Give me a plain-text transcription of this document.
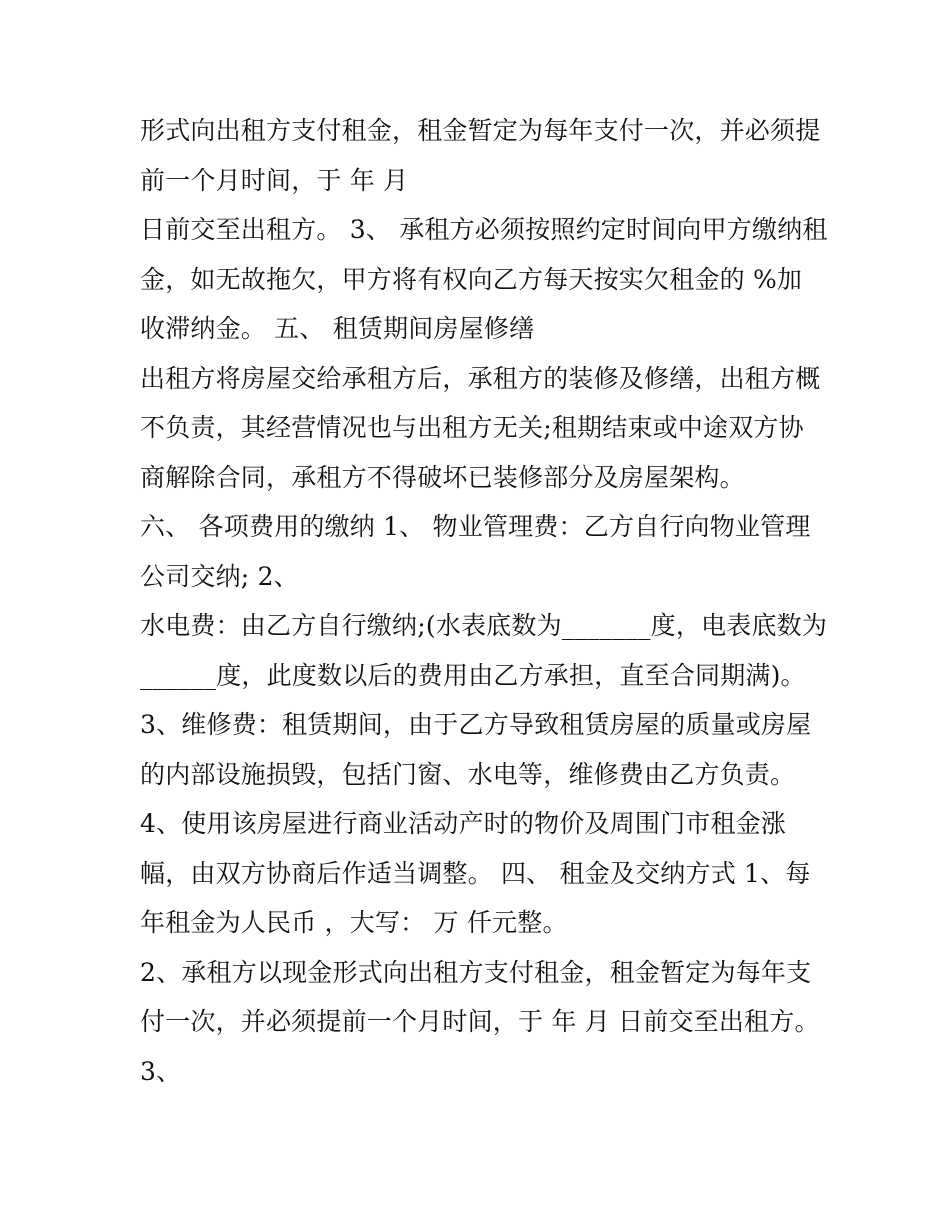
形式向出租方支付租金，租金暂定为每年支付一次，并必须提
前一个月时间，于 年 月
日前交至出租方。 3、 承租方必须按照约定时间向甲方缴纳租
金，如无故拖欠，甲方将有权向乙方每天按实欠租金的 %加
收滞纳金。 五、 租赁期间房屋修缮
出租方将房屋交给承租方后，承租方的装修及修缮，出租方概
不负责，其经营情况也与出租方无关;租期结束或中途双方协
商解除合同，承租方不得破坏已装修部分及房屋架构。
六、 各项费用的缴纳 1、 物业管理费：乙方自行向物业管理
公司交纳; 2、
水电费：由乙方自行缴纳;(水表底数为_______度，电表底数为
______度，此度数以后的费用由乙方承担，直至合同期满)。
3、维修费：租赁期间，由于乙方导致租赁房屋的质量或房屋
的内部设施损毁，包括门窗、水电等，维修费由乙方负责。
4、使用该房屋进行商业活动产时的物价及周围门市租金涨
幅，由双方协商后作适当调整。 四、 租金及交纳方式 1、每
年租金为人民币 ，大写： 万 仟元整。
2、承租方以现金形式向出租方支付租金，租金暂定为每年支
付一次，并必须提前一个月时间，于 年 月 日前交至出租方。
3、
